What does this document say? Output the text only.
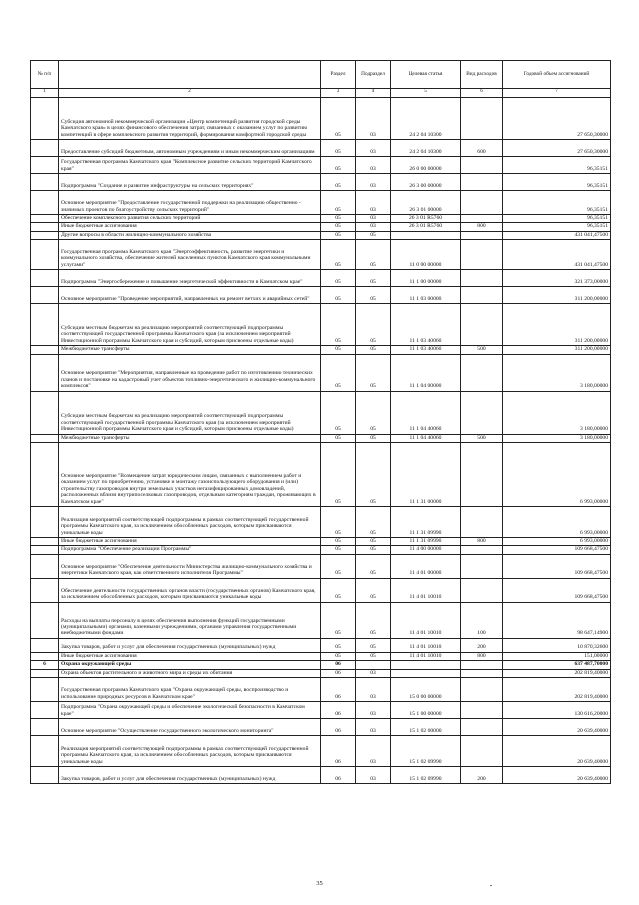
№ п/п		Раздел	Подраздел	Целевая статья	Вид расходов	Годовой объем ассигнований
1	2	3	4	5	6	7
	Субсидия автономной некоммерческой организации «Центр компетенций развития городской среды Камчатского края» в целях финансового обеспечения затрат, связанных с оказанием услуг по развитию компетенций в сфере комплексного развития территорий, формирования комфортной городской среды	05	03	24 2 04 10300		27 650,30000
	Предоставление субсидий бюджетным, автономным учреждениям и иным некоммерческим организациям	05	03	24 2 04 10300	600	27 650,30000
	Государственная программа Камчатского края "Комплексное развитие сельских территорий Камчатского края"	05	03	26 0 00 00000		96,35151
	Подпрограмма "Создание и развитие инфраструктуры на сельских территориях"	05	03	26 3 00 00000		96,35151
	Основное мероприятие "Предоставление государственной поддержки на реализацию общественно - значимых проектов по благоустройству сельских территорий"	05	03	26 3 01 00000		96,35151
	Обеспечение комплексного развития сельских территорий	05	03	26 3 01 R5760		96,35151
	Иные бюджетные ассигнования	05	03	26 3 01 R5760	800	96,35151
	Другие вопросы в области жилищно-коммунального хозяйства	05	05			431 041,47500
	Государственная программа Камчатского края "Энергоэффективность, развитие энергетики и коммунального хозяйства, обеспечение жителей населенных пунктов Камчатского края коммунальными услугами"	05	05	11 0 00 00000		431 041,47500
	Подпрограмма "Энергосбережение и повышение энергетической эффективности в Камчатском крае"	05	05	11 1 00 00000		321 373,00000
	Основное мероприятие "Проведение мероприятий, направленных на ремонт ветхих и аварийных сетей"	05	05	11 1 03 00000		311 200,00000
	Субсидии местным бюджетам на реализацию мероприятий соответствующей подпрограммы соответствующей государственной программы Камчатского края (за исключением мероприятий Инвестиционной программы Камчатского края и субсидий, которым присвоены отдельные коды)	05	05	11 1 03 40060		311 200,00000
	Межбюджетные трансферты	05	05	11 1 03 40060	500	311 200,00000
	Основное мероприятие "Мероприятия, направленные на проведение работ по изготовлению технических планов и постановке на кадастровый учет объектов топливно-энергетического и жилищно-коммунального комплексов"	05	05	11 1 04 00000		3 180,00000
	Субсидии местным бюджетам на реализацию мероприятий соответствующей подпрограммы соответствующей государственной программы Камчатского края (за исключением мероприятий Инвестиционной программы Камчатского края и субсидий, которым присвоены отдельные коды)	05	05	11 1 04 40060		3 180,00000
	Межбюджетные трансферты	05	05	11 1 04 40060	500	3 180,00000
	Основное мероприятие "Возмещение затрат юридическим лицам, связанных с выполнением работ и оказанием услуг по приобретению, установке и монтажу газоиспользующего оборудования и (или) строительству газопроводов внутри земельных участков негазифицированных домовладений, расположенных вблизи внутрипоселковых газопроводов, отдельным категориям граждан, проживающих в Камчатском крае"	05	05	11 1 31 00000		6 993,00000
	Реализация мероприятий соответствующей подпрограммы в рамках соответствующей государственной программы Камчатского края, за исключением обособленных расходов, которым присваиваются уникальные коды	05	05	11 1 31 09990		6 993,00000
	Иные бюджетные ассигнования	05	05	11 1 31 09990	800	6 993,00000
	Подпрограмма "Обеспечение реализации Программы"	05	05	11 4 00 00000		109 668,47500
	Основное мероприятие "Обеспечение деятельности Министерства жилищно-коммунального хозяйства и энергетики Камчатского края, как ответственного исполнителя Программы"	05	05	11 4 01 00000		109 668,47500
	Обеспечение деятельности государственных органов власти (государственных органов) Камчатского края, за исключением обособленных расходов, которым присваиваются уникальные коды	05	05	11 4 01 10010		109 668,47500
	Расходы на выплаты персоналу в целях обеспечения выполнения функций государственными (муниципальными) органами, казенными учреждениями, органами управления государственными внебюджетными фондами	05	05	11 4 01 10010	100	98 647,14900
	Закупка товаров, работ и услуг для обеспечения государственных (муниципальных) нужд	05	05	11 4 01 10010	200	10 870,32600
	Иные бюджетные ассигнования	05	05	11 4 01 10010	800	151,00000
6	Охрана окружающей среды	06				637 487,70000
	Охрана объектов растительного и животного мира и среды их обитания	06	03			202 819,40000
	Государственная программа Камчатского края "Охрана окружающей среды, воспроизводство и использование природных ресурсов в Камчатском крае"	06	03	15 0 00 00000		202 819,40000
	Подпрограмма "Охрана окружающей среды и обеспечение экологической безопасности в Камчатском крае"	06	03	15 1 00 00000		130 616,20000
	Основное мероприятие "Осуществление государственного экологического мониторинга"	06	03	15 1 02 00000		20 639,40000
	Реализация мероприятий соответствующей подпрограммы в рамках соответствующей государственной программы Камчатского края, за исключением обособленных расходов, которым присваиваются уникальные коды	06	03	15 1 02 09990		20 639,40000
	Закупка товаров, работ и услуг для обеспечения государственных (муниципальных) нужд	06	03	15 1 02 09990	200	20 639,40000
35
